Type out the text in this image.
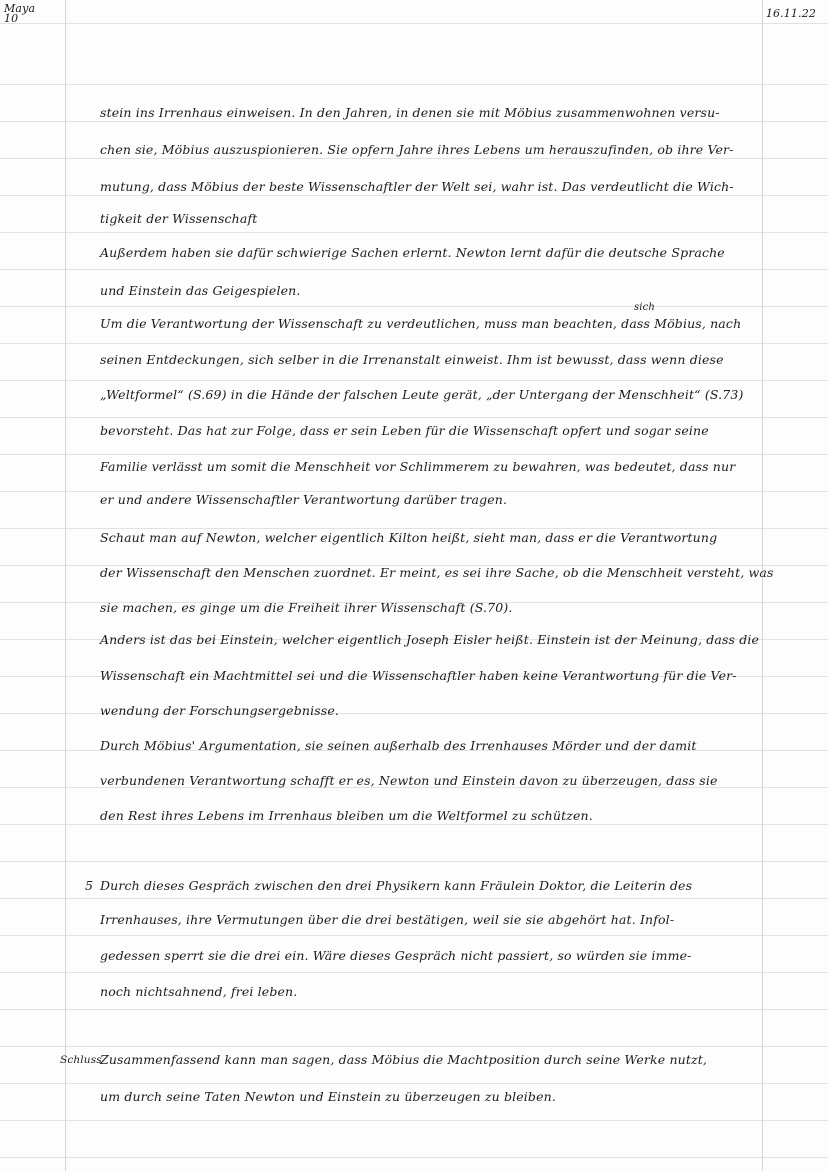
Maya
10	16.11.22
stein ins Irrenhaus einweisen. In den Jahren, in denen sie mit Möbius zusammenwohnen versu-
chen sie, Möbius auszuspionieren. Sie opfern Jahre ihres Lebens um herauszufinden, ob ihre Ver-
mutung, dass Möbius der beste Wissenschaftler der Welt sei, wahr ist. Das verdeutlicht die Wich-
tigkeit der Wissenschaft
Außerdem haben sie dafür schwierige Sachen erlernt. Newton lernt dafür die deutsche Sprache
und Einstein das Geigespielen.
sich
Um die Verantwortung der Wissenschaft zu verdeutlichen, muss man beachten, dass Möbius, nach
seinen Entdeckungen, sich selber in die Irrenanstalt einweist. Ihm ist bewusst, dass wenn diese
„Weltformel“ (S.69) in die Hände der falschen Leute gerät, „der Untergang der Menschheit“ (S.73)
bevorsteht. Das hat zur Folge, dass er sein Leben für die Wissenschaft opfert und sogar seine
Familie verlässt um somit die Menschheit vor Schlimmerem zu bewahren, was bedeutet, dass nur
er und andere Wissenschaftler Verantwortung darüber tragen.
Schaut man auf Newton, welcher eigentlich Kilton heißt, sieht man, dass er die Verantwortung
der Wissenschaft den Menschen zuordnet. Er meint, es sei ihre Sache, ob die Menschheit versteht, was
sie machen, es ginge um die Freiheit ihrer Wissenschaft (S.70).
Anders ist das bei Einstein, welcher eigentlich Joseph Eisler heißt. Einstein ist der Meinung, dass die
Wissenschaft ein Machtmittel sei und die Wissenschaftler haben keine Verantwortung für die Ver-
wendung der Forschungsergebnisse.
Durch Möbius' Argumentation, sie seinen außerhalb des Irrenhauses Mörder und der damit
verbundenen Verantwortung schafft er es, Newton und Einstein davon zu überzeugen, dass sie
den Rest ihres Lebens im Irrenhaus bleiben um die Weltformel zu schützen.
5 Durch dieses Gespräch zwischen den drei Physikern kann Fräulein Doktor, die Leiterin des
Irrenhauses, ihre Vermutungen über die drei bestätigen, weil sie sie abgehört hat. Infol-
gedessen sperrt sie die drei ein. Wäre dieses Gespräch nicht passiert, so würden sie imme-
noch nichtsahnend, frei leben.
Schluss
Zusammenfassend kann man sagen, dass Möbius die Machtposition durch seine Werke nutzt,
um durch seine Taten Newton und Einstein zu überzeugen zu bleiben.
